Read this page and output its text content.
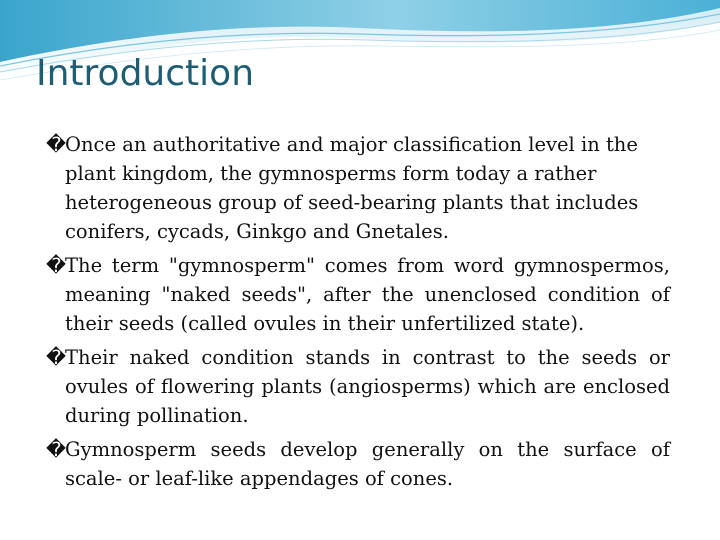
Introduction
� Once an authoritative and major classification level in the plant kingdom, the gymnosperms form today a rather heterogeneous group of seed-bearing plants that includes conifers, cycads, Ginkgo and Gnetales.
� The term "gymnosperm" comes from word gymnospermos, meaning "naked seeds", after the unenclosed condition of their seeds (called ovules in their unfertilized state).
� Their naked condition stands in contrast to the seeds or ovules of flowering plants (angiosperms) which are enclosed during pollination.
� Gymnosperm seeds develop generally on the surface of scale- or leaf-like appendages of cones.
